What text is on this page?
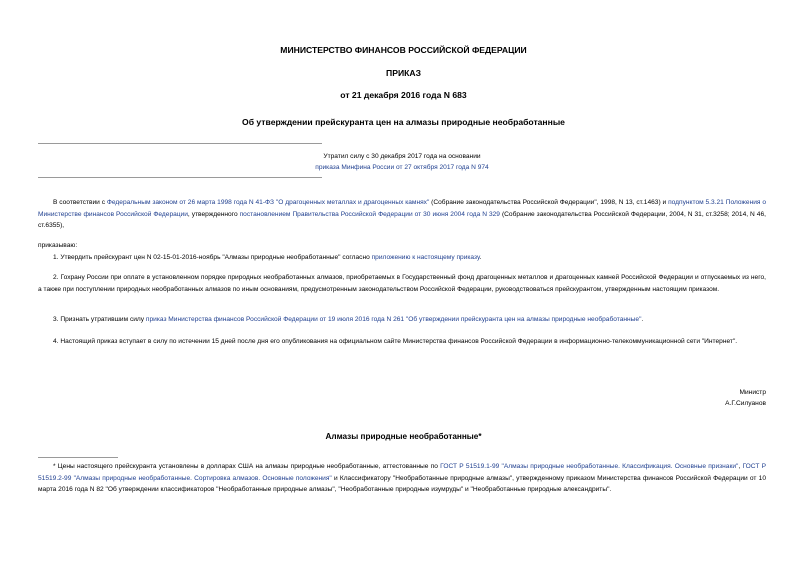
МИНИСТЕРСТВО ФИНАНСОВ РОССИЙСКОЙ ФЕДЕРАЦИИ
ПРИКАЗ
от 21 декабря 2016 года N 683
Об утверждении прейскуранта цен на алмазы природные необработанные
Утратил силу с 30 декабря 2017 года на основании
приказа Минфина России от 27 октября 2017 года N 974
В соответствии с Федеральным законом от 26 марта 1998 года N 41-ФЗ "О драгоценных металлах и драгоценных камнях" (Собрание законодательства Российской Федерации", 1998, N 13, ст.1463) и подпунктом 5.3.21 Положения о Министерстве финансов Российской Федерации, утвержденного постановлением Правительства Российской Федерации от 30 июня 2004 года N 329 (Собрание законодательства Российской Федерации, 2004, N 31, ст.3258; 2014, N 46, ст.6355),
приказываю:
1. Утвердить прейскурант цен N 02-15-01-2016-ноябрь "Алмазы природные необработанные" согласно приложению к настоящему приказу.
2. Гохрану России при оплате в установленном порядке природных необработанных алмазов, приобретаемых в Государственный фонд драгоценных металлов и драгоценных камней Российской Федерации и отпускаемых из него, а также при поступлении природных необработанных алмазов по иным основаниям, предусмотренным законодательством Российской Федерации, руководствоваться прейскурантом, утвержденным настоящим приказом.
3. Признать утратившим силу приказ Министерства финансов Российской Федерации от 19 июля 2016 года N 261 "Об утверждении прейскуранта цен на алмазы природные необработанные".
4. Настоящий приказ вступает в силу по истечении 15 дней после дня его опубликования на официальном сайте Министерства финансов Российской Федерации в информационно-телекоммуникационной сети "Интернет".
Министр
А.Г.Силуанов
Алмазы природные необработанные*
* Цены настоящего прейскуранта установлены в долларах США на алмазы природные необработанные, аттестованные по ГОСТ Р 51519.1-99 "Алмазы природные необработанные. Классификация. Основные признаки", ГОСТ Р 51519.2-99 "Алмазы природные необработанные. Сортировка алмазов. Основные положения" и Классификатору "Необработанные природные алмазы", утвержденному приказом Министерства финансов Российской Федерации от 10 марта 2016 года N 82 "Об утверждении классификаторов "Необработанные природные алмазы", "Необработанные природные изумруды" и "Необработанные природные александриты".
